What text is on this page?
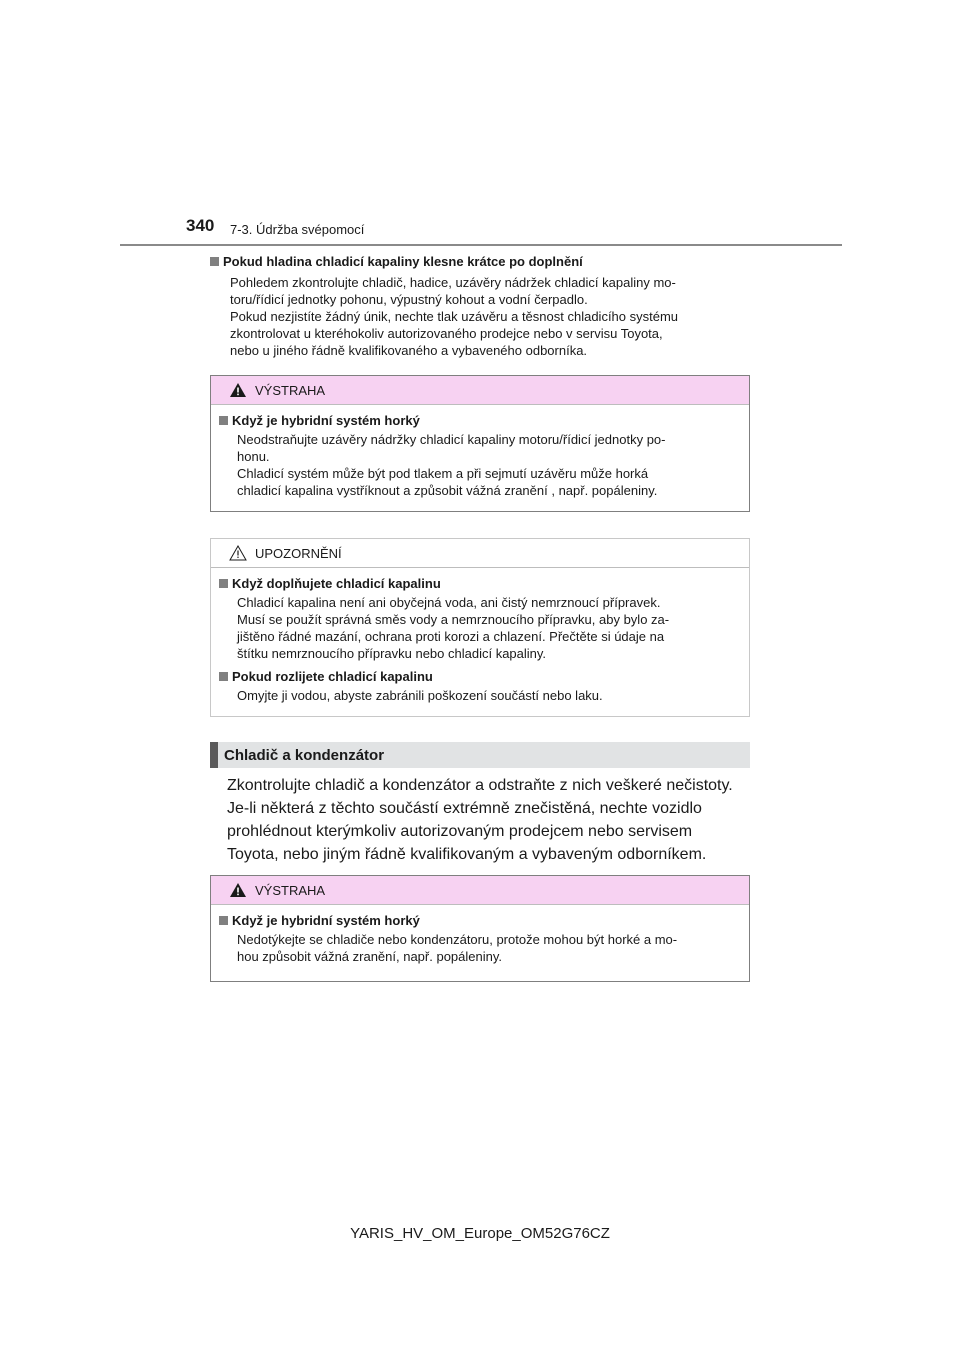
340 7-3. Údržba svépomocí
Pokud hladina chladicí kapaliny klesne krátce po doplnění

Pohledem zkontrolujte chladič, hadice, uzávěry nádržek chladicí kapaliny mo-

toru/řídicí jednotky pohonu, výpustný kohout a vodní čerpadlo.

Pokud nezjistíte žádný únik, nechte tlak uzávěru a těsnost chladicího systému

zkontrolovat u kteréhokoliv autorizovaného prodejce nebo v servisu Toyota,

nebo u jiného řádně kvalifikovaného a vybaveného odborníka.

VÝSTRAHA
Když je hybridní systém horký

Neodstraňujte uzávěry nádržky chladicí kapaliny motoru/řídicí jednotky po-

honu.

Chladicí systém může být pod tlakem a při sejmutí uzávěru může horká

chladicí kapalina vystříknout a způsobit vážná zranění , např. popáleniny.

UPOZORNĚNÍ
Když doplňujete chladicí kapalinu

Chladicí kapalina není ani obyčejná voda, ani čistý nemrznoucí přípravek.

Musí se použít správná směs vody a nemrznoucího přípravku, aby bylo za-

jištěno řádné mazání, ochrana proti korozi a chlazení. Přečtěte si údaje na

štítku nemrznoucího přípravku nebo chladicí kapaliny.

Pokud rozlijete chladicí kapalinu

Omyjte ji vodou, abyste zabránili poškození součástí nebo laku.

Chladič a kondenzátor
Zkontrolujte chladič a kondenzátor a odstraňte z nich veškeré nečistoty.
Je-li některá z těchto součástí extrémně znečistěná, nechte vozidlo
prohlédnout kterýmkoliv autorizovaným prodejcem nebo servisem
Toyota, nebo jiným řádně kvalifikovaným a vybaveným odborníkem.
VÝSTRAHA
Když je hybridní systém horký

Nedotýkejte se chladiče nebo kondenzátoru, protože mohou být horké a mo-

hou způsobit vážná zranění, např. popáleniny.

YARIS_HV_OM_Europe_OM52G76CZ
